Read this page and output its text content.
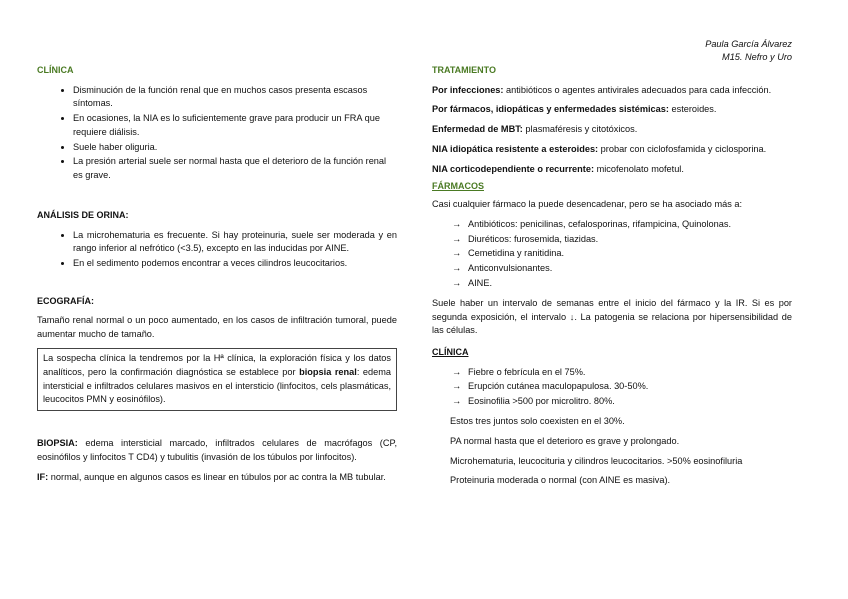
Paula García Álvarez
M15. Nefro y Uro
CLÍNICA
• Disminución de la función renal que en muchos casos presenta escasos síntomas.
• En ocasiones, la NIA es lo suficientemente grave para producir un FRA que requiere diálisis.
• Suele haber oliguria.
• La presión arterial suele ser normal hasta que el deterioro de la función renal es grave.
ANÁLISIS DE ORINA:
• La microhematuria es frecuente. Si hay proteinuria, suele ser moderada y en rango inferior al nefrótico (<3.5), excepto en las inducidas por AINE.
• En el sedimento podemos encontrar a veces cilindros leucocitarios.
ECOGRAFÍA:

Tamaño renal normal o un poco aumentado, en los casos de infiltración tumoral, puede aumentar mucho de tamaño.

La sospecha clínica la tendremos por la Hª clínica, la exploración física y los datos analíticos, pero la confirmación diagnóstica se establece por biopsia renal: edema intersticial e infiltrados celulares masivos en el intersticio (linfocitos, cels plasmáticas, leucocitos PMN y eosinófilos).

BIOPSIA: edema intersticial marcado, infiltrados celulares de macrófagos (CP, eosinófilos y linfocitos T CD4) y tubulitis (invasión de los túbulos por linfocitos).

IF: normal, aunque en algunos casos es linear en túbulos por ac contra la MB tubular.

TRATAMIENTO

Por infecciones: antibióticos o agentes antivirales adecuados para cada infección.

Por fármacos, idiopáticas y enfermedades sistémicas: esteroides.

Enfermedad de MBT: plasmaféresis y citotóxicos.

NIA idiopática resistente a esteroides: probar con ciclofosfamida y ciclosporina.

NIA corticodependiente o recurrente: micofenolato mofetul.

FÁRMACOS

Casi cualquier fármaco la puede desencadenar, pero se ha asociado más a:

→ Antibióticos: penicilinas, cefalosporinas, rifampicina, Quinolonas.
→ Diuréticos: furosemida, tiazidas.
→ Cemetidina y ranitidina.
→ Anticonvulsionantes.
→ AINE.

Suele haber un intervalo de semanas entre el inicio del fármaco y la IR. Si es por segunda exposición, el intervalo ↓. La patogenia se relaciona por hipersensibilidad de las células.

CLÍNICA
→ Fiebre o febrícula en el 75%.
→ Erupción cutánea maculopapulosa. 30-50%.
→ Eosinofilia >500 por microlitro. 80%.

Estos tres juntos solo coexisten en el 30%.

PA normal hasta que el deterioro es grave y prolongado.

Microhematuria, leucocituria y cilindros leucocitarios. >50% eosinofiluria

Proteinuria moderada o normal (con AINE es masiva).
